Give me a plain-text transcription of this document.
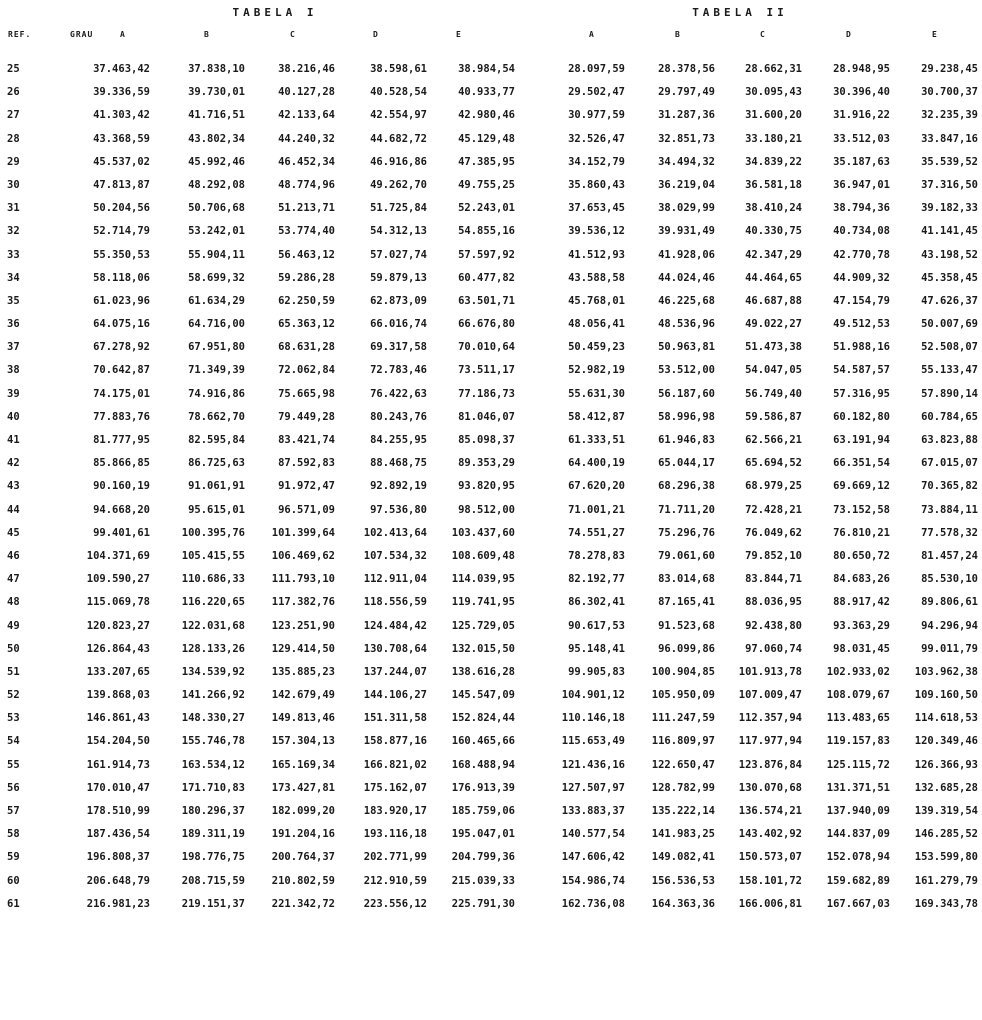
TABELA I	TABELA II
REF.	GRAU	A	B	C	D	E	A	B	C	D	E
25	37.463,42	37.838,10	38.216,46	38.598,61	38.984,54	28.097,59	28.378,56	28.662,31	28.948,95	29.238,45
26	39.336,59	39.730,01	40.127,28	40.528,54	40.933,77	29.502,47	29.797,49	30.095,43	30.396,40	30.700,37
27	41.303,42	41.716,51	42.133,64	42.554,97	42.980,46	30.977,59	31.287,36	31.600,20	31.916,22	32.235,39
28	43.368,59	43.802,34	44.240,32	44.682,72	45.129,48	32.526,47	32.851,73	33.180,21	33.512,03	33.847,16
29	45.537,02	45.992,46	46.452,34	46.916,86	47.385,95	34.152,79	34.494,32	34.839,22	35.187,63	35.539,52
30	47.813,87	48.292,08	48.774,96	49.262,70	49.755,25	35.860,43	36.219,04	36.581,18	36.947,01	37.316,50
31	50.204,56	50.706,68	51.213,71	51.725,84	52.243,01	37.653,45	38.029,99	38.410,24	38.794,36	39.182,33
32	52.714,79	53.242,01	53.774,40	54.312,13	54.855,16	39.536,12	39.931,49	40.330,75	40.734,08	41.141,45
33	55.350,53	55.904,11	56.463,12	57.027,74	57.597,92	41.512,93	41.928,06	42.347,29	42.770,78	43.198,52
34	58.118,06	58.699,32	59.286,28	59.879,13	60.477,82	43.588,58	44.024,46	44.464,65	44.909,32	45.358,45
35	61.023,96	61.634,29	62.250,59	62.873,09	63.501,71	45.768,01	46.225,68	46.687,88	47.154,79	47.626,37
36	64.075,16	64.716,00	65.363,12	66.016,74	66.676,80	48.056,41	48.536,96	49.022,27	49.512,53	50.007,69
37	67.278,92	67.951,80	68.631,28	69.317,58	70.010,64	50.459,23	50.963,81	51.473,38	51.988,16	52.508,07
38	70.642,87	71.349,39	72.062,84	72.783,46	73.511,17	52.982,19	53.512,00	54.047,05	54.587,57	55.133,47
39	74.175,01	74.916,86	75.665,98	76.422,63	77.186,73	55.631,30	56.187,60	56.749,40	57.316,95	57.890,14
40	77.883,76	78.662,70	79.449,28	80.243,76	81.046,07	58.412,87	58.996,98	59.586,87	60.182,80	60.784,65
41	81.777,95	82.595,84	83.421,74	84.255,95	85.098,37	61.333,51	61.946,83	62.566,21	63.191,94	63.823,88
42	85.866,85	86.725,63	87.592,83	88.468,75	89.353,29	64.400,19	65.044,17	65.694,52	66.351,54	67.015,07
43	90.160,19	91.061,91	91.972,47	92.892,19	93.820,95	67.620,20	68.296,38	68.979,25	69.669,12	70.365,82
44	94.668,20	95.615,01	96.571,09	97.536,80	98.512,00	71.001,21	71.711,20	72.428,21	73.152,58	73.884,11
45	99.401,61	100.395,76	101.399,64	102.413,64	103.437,60	74.551,27	75.296,76	76.049,62	76.810,21	77.578,32
46	104.371,69	105.415,55	106.469,62	107.534,32	108.609,48	78.278,83	79.061,60	79.852,10	80.650,72	81.457,24
47	109.590,27	110.686,33	111.793,10	112.911,04	114.039,95	82.192,77	83.014,68	83.844,71	84.683,26	85.530,10
48	115.069,78	116.220,65	117.382,76	118.556,59	119.741,95	86.302,41	87.165,41	88.036,95	88.917,42	89.806,61
49	120.823,27	122.031,68	123.251,90	124.484,42	125.729,05	90.617,53	91.523,68	92.438,80	93.363,29	94.296,94
50	126.864,43	128.133,26	129.414,50	130.708,64	132.015,50	95.148,41	96.099,86	97.060,74	98.031,45	99.011,79
51	133.207,65	134.539,92	135.885,23	137.244,07	138.616,28	99.905,83	100.904,85	101.913,78	102.933,02	103.962,38
52	139.868,03	141.266,92	142.679,49	144.106,27	145.547,09	104.901,12	105.950,09	107.009,47	108.079,67	109.160,50
53	146.861,43	148.330,27	149.813,46	151.311,58	152.824,44	110.146,18	111.247,59	112.357,94	113.483,65	114.618,53
54	154.204,50	155.746,78	157.304,13	158.877,16	160.465,66	115.653,49	116.809,97	117.977,94	119.157,83	120.349,46
55	161.914,73	163.534,12	165.169,34	166.821,02	168.488,94	121.436,16	122.650,47	123.876,84	125.115,72	126.366,93
56	170.010,47	171.710,83	173.427,81	175.162,07	176.913,39	127.507,97	128.782,99	130.070,68	131.371,51	132.685,28
57	178.510,99	180.296,37	182.099,20	183.920,17	185.759,06	133.883,37	135.222,14	136.574,21	137.940,09	139.319,54
58	187.436,54	189.311,19	191.204,16	193.116,18	195.047,01	140.577,54	141.983,25	143.402,92	144.837,09	146.285,52
59	196.808,37	198.776,75	200.764,37	202.771,99	204.799,36	147.606,42	149.082,41	150.573,07	152.078,94	153.599,80
60	206.648,79	208.715,59	210.802,59	212.910,59	215.039,33	154.986,74	156.536,53	158.101,72	159.682,89	161.279,79
61	216.981,23	219.151,37	221.342,72	223.556,12	225.791,30	162.736,08	164.363,36	166.006,81	167.667,03	169.343,78
